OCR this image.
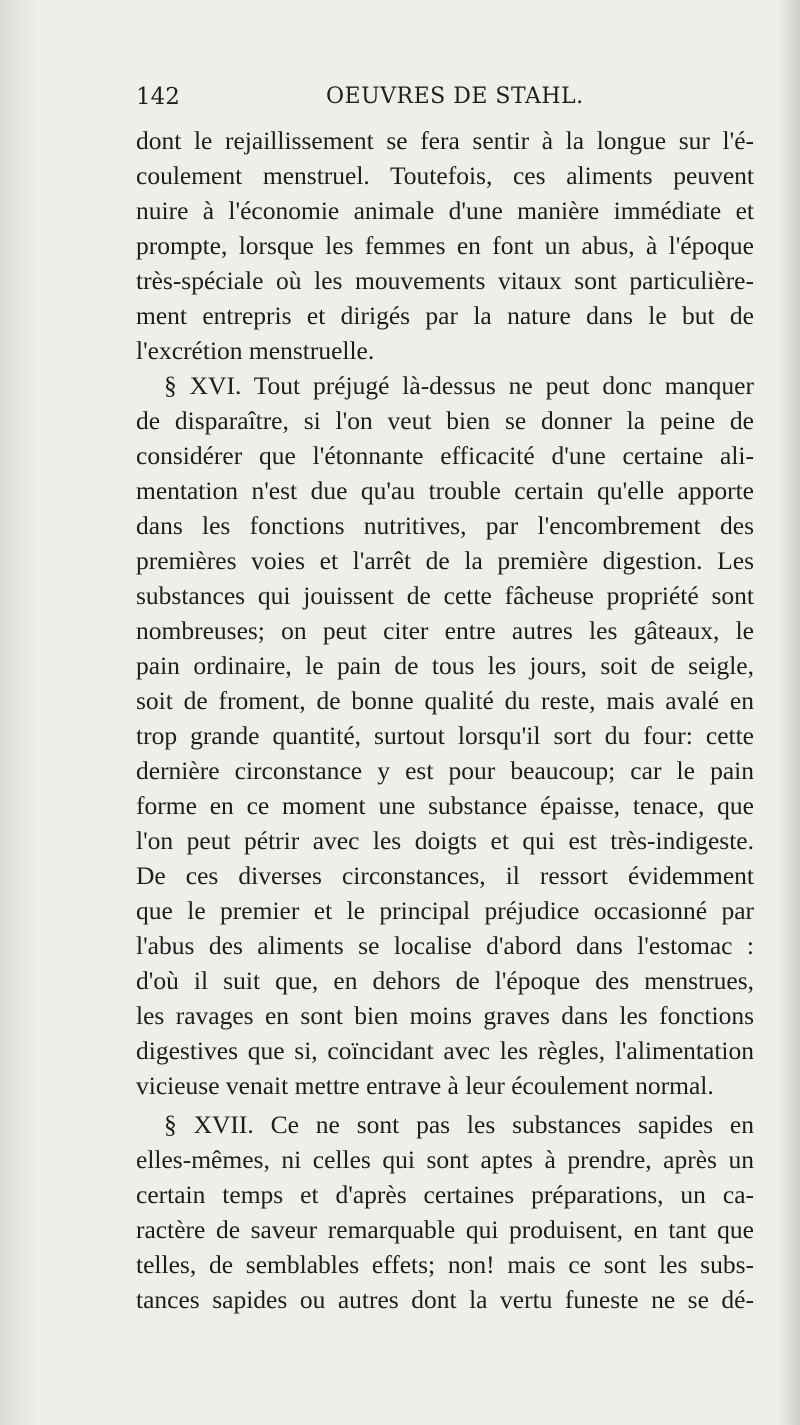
142	OEUVRES DE STAHL.
dont le rejaillissement se fera sentir à la longue sur l'é-
coulement menstruel. Toutefois, ces aliments peuvent
nuire à l'économie animale d'une manière immédiate et
prompte, lorsque les femmes en font un abus, à l'époque
très-spéciale où les mouvements vitaux sont particulière-
ment entrepris et dirigés par la nature dans le but de
l'excrétion menstruelle.
§ XVI. Tout préjugé là-dessus ne peut donc manquer
de disparaître, si l'on veut bien se donner la peine de
considérer que l'étonnante efficacité d'une certaine ali-
mentation n'est due qu'au trouble certain qu'elle apporte
dans les fonctions nutritives, par l'encombrement des
premières voies et l'arrêt de la première digestion. Les
substances qui jouissent de cette fâcheuse propriété sont
nombreuses; on peut citer entre autres les gâteaux, le
pain ordinaire, le pain de tous les jours, soit de seigle,
soit de froment, de bonne qualité du reste, mais avalé en
trop grande quantité, surtout lorsqu'il sort du four: cette
dernière circonstance y est pour beaucoup; car le pain
forme en ce moment une substance épaisse, tenace, que
l'on peut pétrir avec les doigts et qui est très-indigeste.
De ces diverses circonstances, il ressort évidemment
que le premier et le principal préjudice occasionné par
l'abus des aliments se localise d'abord dans l'estomac :
d'où il suit que, en dehors de l'époque des menstrues,
les ravages en sont bien moins graves dans les fonctions
digestives que si, coïncidant avec les règles, l'alimentation
vicieuse venait mettre entrave à leur écoulement normal.
§ XVII. Ce ne sont pas les substances sapides en
elles-mêmes, ni celles qui sont aptes à prendre, après un
certain temps et d'après certaines préparations, un ca-
ractère de saveur remarquable qui produisent, en tant que
telles, de semblables effets; non! mais ce sont les subs-
tances sapides ou autres dont la vertu funeste ne se dé-
